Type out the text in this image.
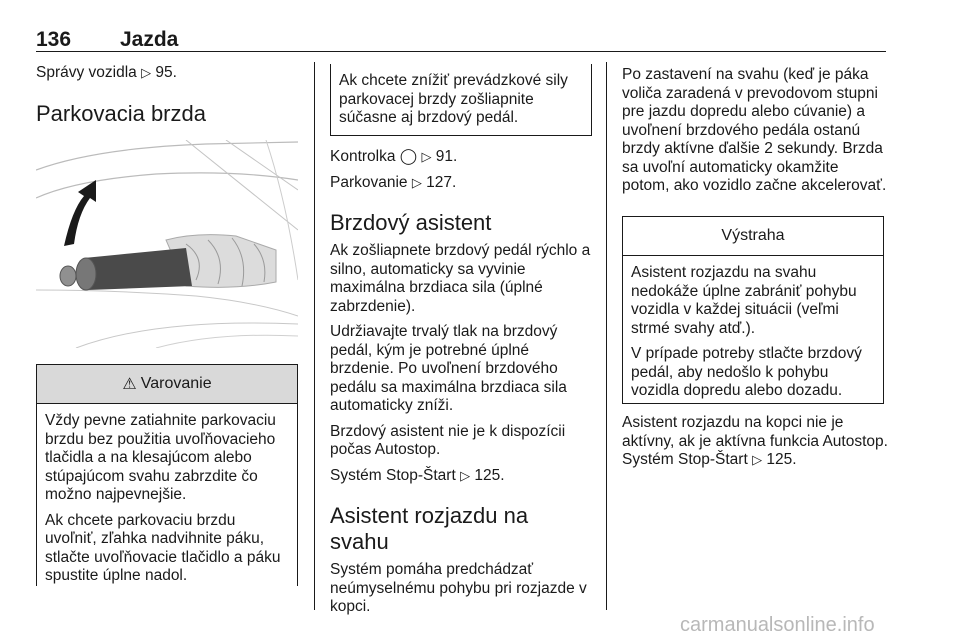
136 Jazda

Správy vozidla ▷ 95.

Parkovacia brzda
⚠ Varovanie

Vždy pevne zatiahnite parkovaciu brzdu bez použitia uvoľňovacieho tlačidla a na klesajúcom alebo stúpajúcom svahu zabrzdite čo možno najpevnejšie.

Ak chcete parkovaciu brzdu uvoľniť, zľahka nadvihnite páku, stlačte uvoľňovacie tlačidlo a páku spustite úplne nadol.

Ak chcete znížiť prevádzkové sily parkovacej brzdy zošliapnite súčasne aj brzdový pedál.

Kontrolka ◯ ▷ 91.

Parkovanie ▷ 127.

Brzdový asistent

Ak zošliapnete brzdový pedál rýchlo a silno, automaticky sa vyvinie maximálna brzdiaca sila (úplné zabrzdenie).

Udržiavajte trvalý tlak na brzdový pedál, kým je potrebné úplné brzdenie. Po uvoľnení brzdového pedálu sa maximálna brzdiaca sila automaticky zníži.

Brzdový asistent nie je k dispozícii počas Autostop.

Systém Stop-Štart ▷ 125.

Asistent rozjazdu na svahu

Systém pomáha predchádzať neúmyselnému pohybu pri rozjazde v kopci.

Po zastavení na svahu (keď je páka voliča zaradená v prevodovom stupni pre jazdu dopredu alebo cúvanie) a uvoľnení brzdového pedála ostanú brzdy aktívne ďalšie 2 sekundy. Brzda sa uvoľní automaticky okamžite potom, ako vozidlo začne akcelerovať.

Výstraha

Asistent rozjazdu na svahu nedokáže úplne zabrániť pohybu vozidla v každej situácii (veľmi strmé svahy atď.).

V prípade potreby stlačte brzdový pedál, aby nedošlo k pohybu vozidla dopredu alebo dozadu.

Asistent rozjazdu na kopci nie je aktívny, ak je aktívna funkcia Autostop. Systém Stop-Štart ▷ 125.

carmanualsonline.info
